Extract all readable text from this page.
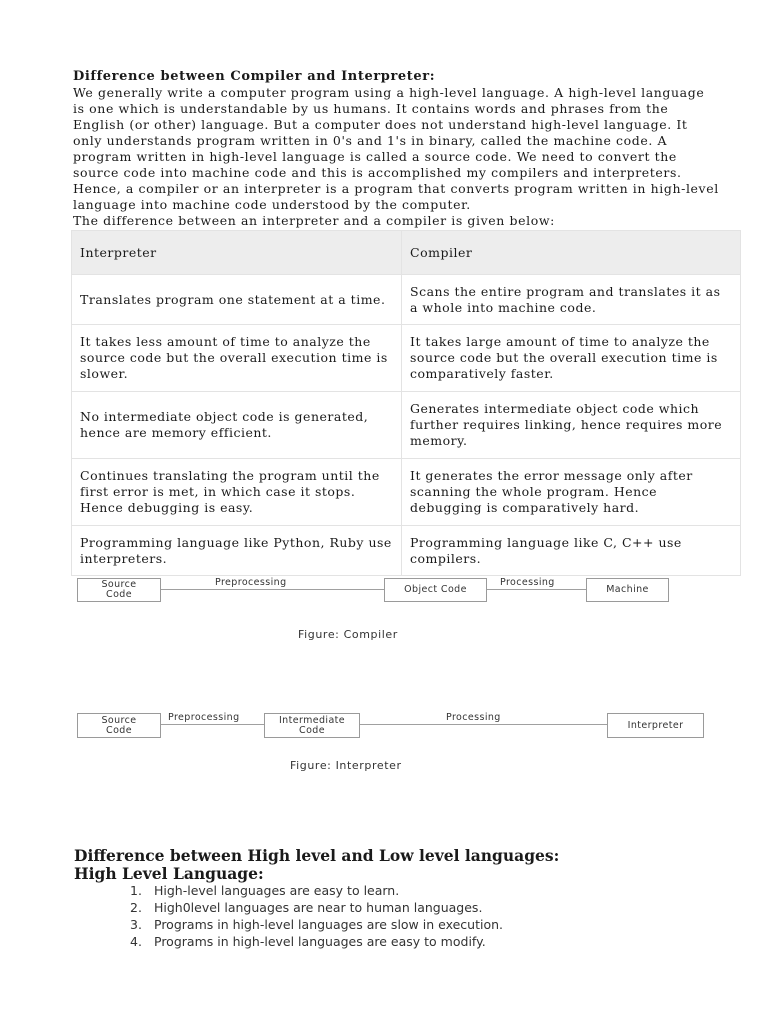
Difference between Compiler and Interpreter:
We generally write a computer program using a high-level language. A high-level language
is one which is understandable by us humans. It contains words and phrases from the
English (or other) language. But a computer does not understand high-level language. It
only understands program written in 0's and 1's in binary, called the machine code. A
program written in high-level language is called a source code. We need to convert the
source code into machine code and this is accomplished my compilers and interpreters.
Hence, a compiler or an interpreter is a program that converts program written in high-level
language into machine code understood by the computer.
The difference between an interpreter and a compiler is given below:
Interpreter	Compiler
Translates program one statement at a time.	Scans the entire program and translates it as a whole into machine code.
It takes less amount of time to analyze the source code but the overall execution time is slower.	It takes large amount of time to analyze the source code but the overall execution time is comparatively faster.
No intermediate object code is generated, hence are memory efficient.	Generates intermediate object code which further requires linking, hence requires more memory.
Continues translating the program until the first error is met, in which case it stops. Hence debugging is easy.	It generates the error message only after scanning the whole program. Hence debugging is comparatively hard.
Programming language like Python, Ruby use interpreters.	Programming language like C, C++ use compilers.
Source
Code
Preprocessing
Object Code
Processing
Machine
Figure: Compiler
Source
Code
Preprocessing	Intermediate
Code
Processing
Interpreter
Figure: Interpreter
Difference between High level and Low level languages:
High Level Language:
1. High-level languages are easy to learn.
2. High0level languages are near to human languages.
3. Programs in high-level languages are slow in execution.
4. Programs in high-level languages are easy to modify.
